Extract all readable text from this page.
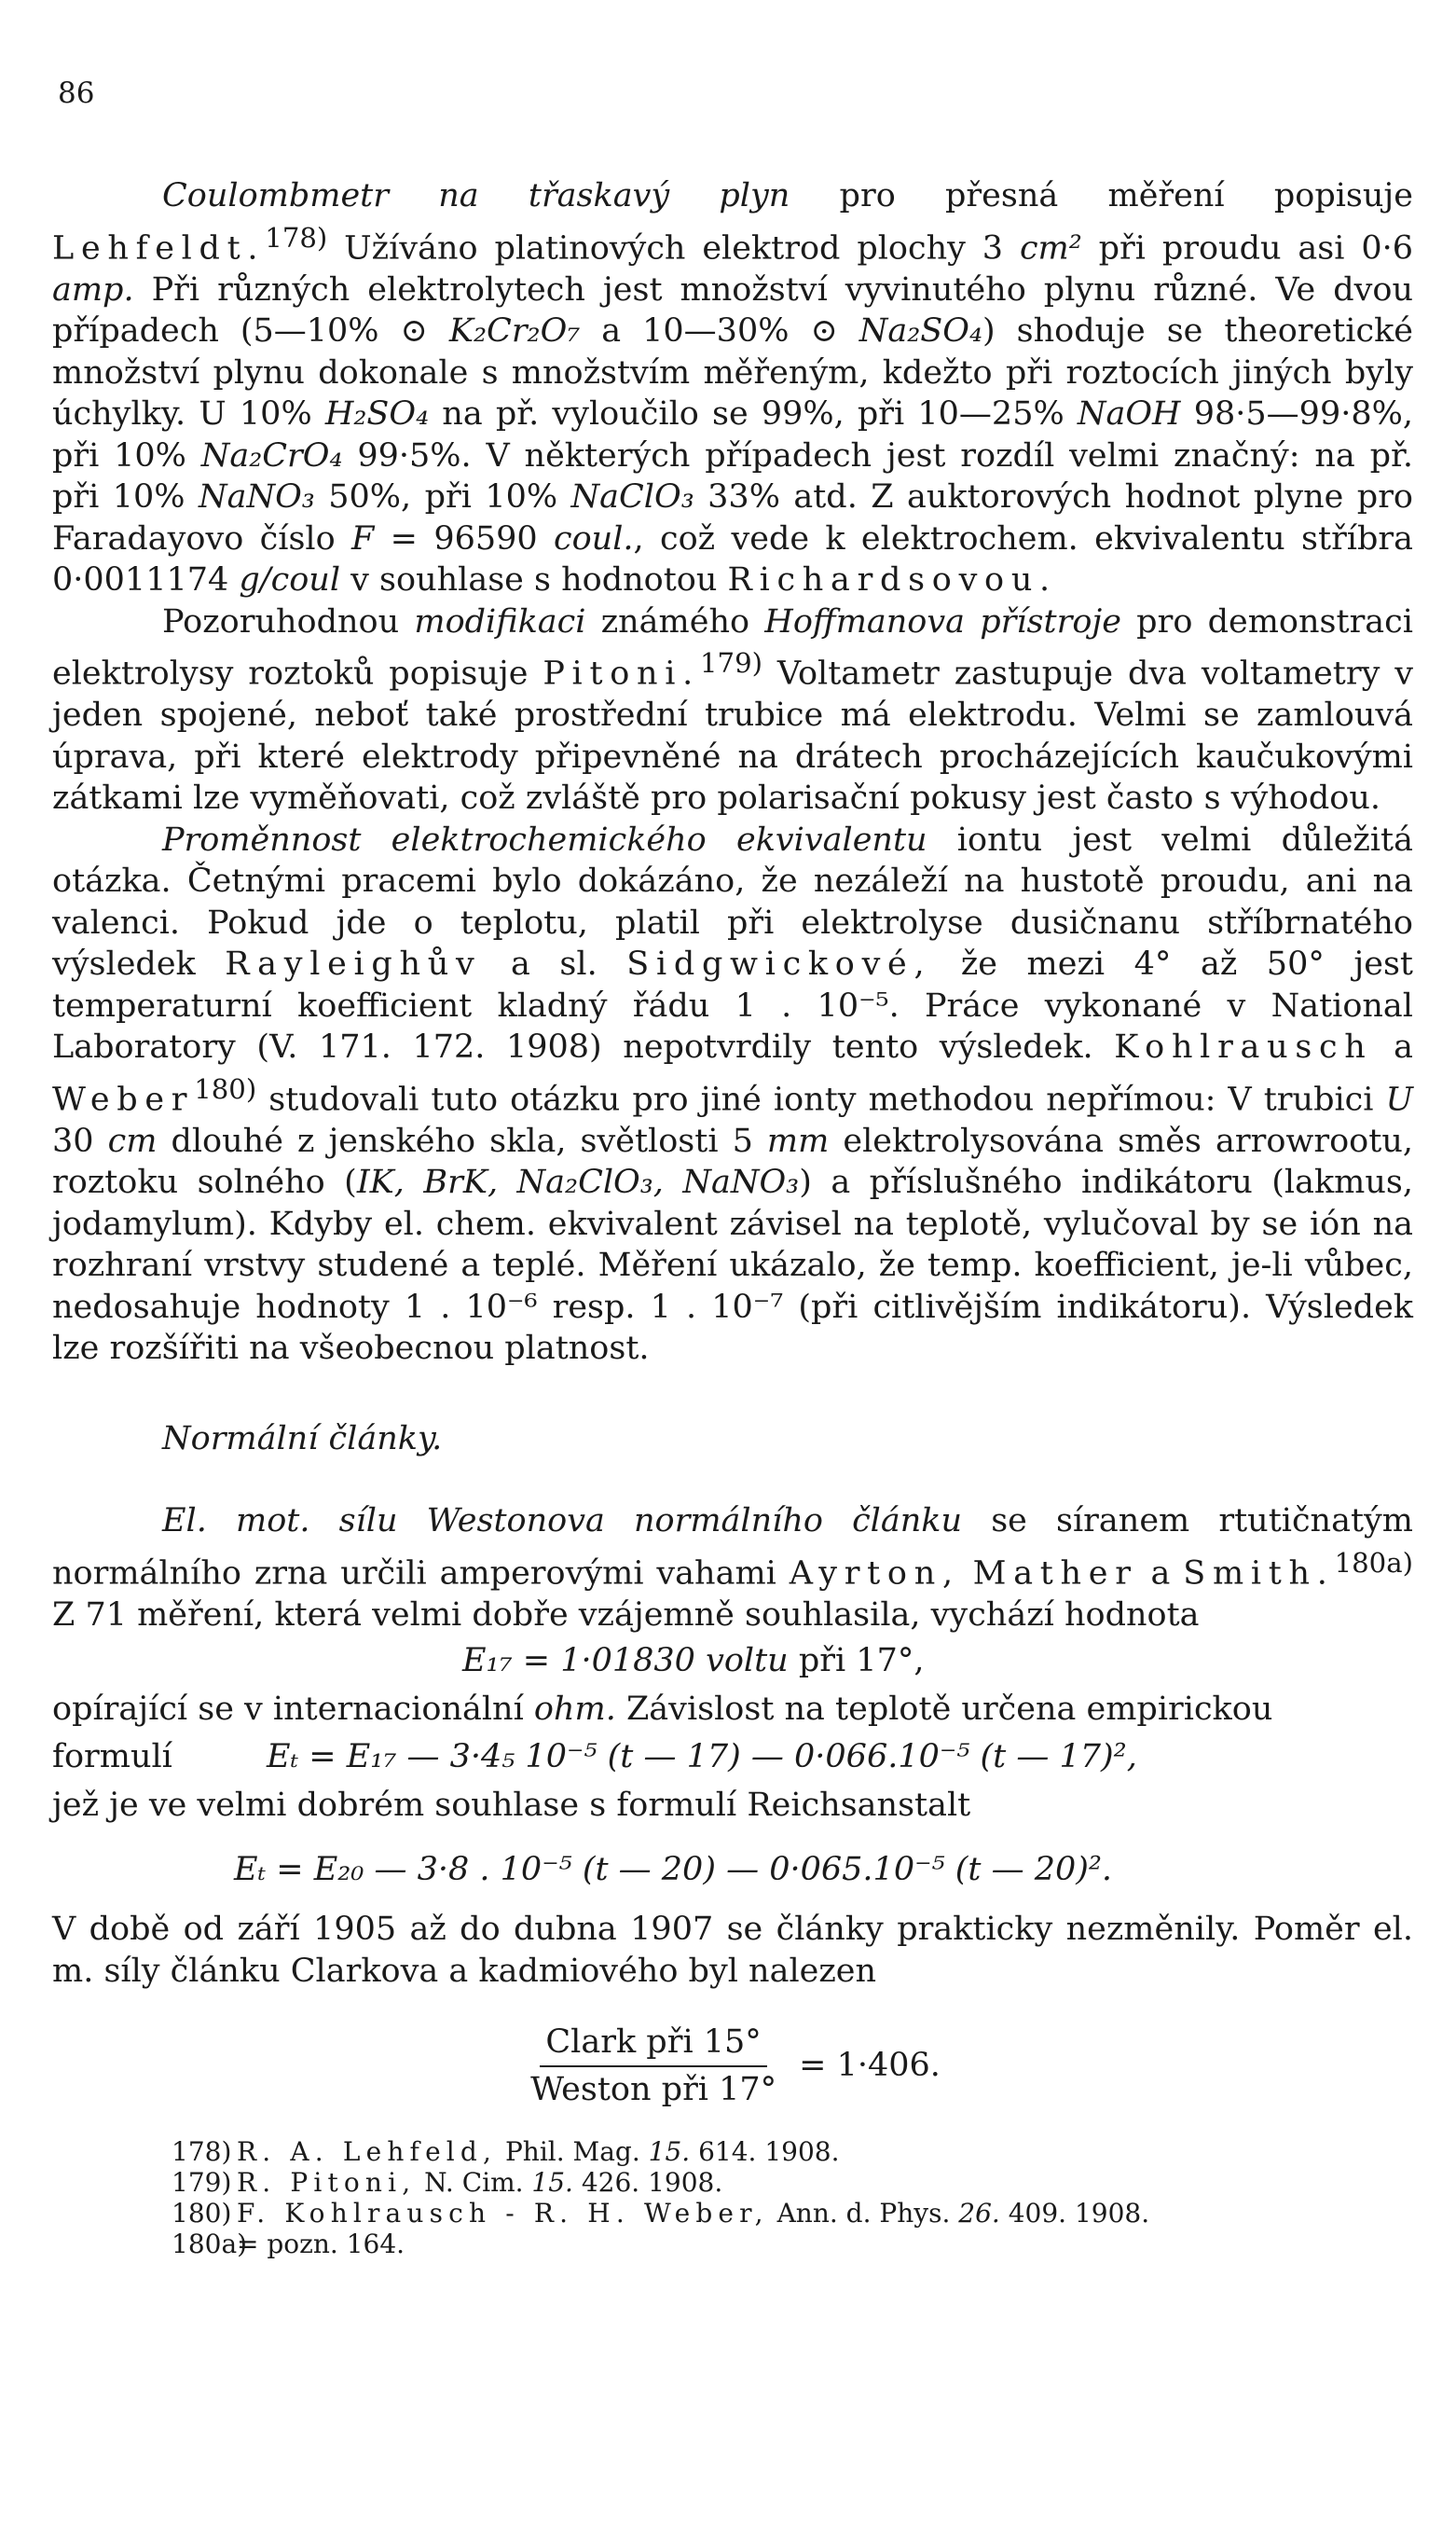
86

Coulombmetr na třaskavý plyn pro přesná měření popisuje Lehfeldt.$^{178)}$ Užíváno platinových elektrod plochy 3 cm² při proudu asi 0·6 amp. Při různých elektrolytech jest množství vyvinutého plynu různé. Ve dvou případech (5—10% ⊙ K₂Cr₂O₇ a 10—30% ⊙ Na₂SO₄) shoduje se theoretické množství plynu dokonale s množstvím měřeným, kdežto při roztocích jiných byly úchylky. U 10% H₂SO₄ na př. vyloučilo se 99%, při 10—25% NaOH 98·5—99·8%, při 10% Na₂CrO₄ 99·5%. V některých případech jest rozdíl velmi značný: na př. při 10% NaNO₃ 50%, při 10% NaClO₃ 33% atd. Z auktorových hodnot plyne pro Faradayovo číslo F = 96590 coul., což vede k elektrochem. ekvivalentu stříbra 0·0011174 g/coul v souhlase s hodnotou Richardsovou.

Pozoruhodnou modifikaci známého Hoffmanova přístroje pro demonstraci elektrolysy roztoků popisuje Pitoni.$^{179)}$ Voltametr zastupuje dva voltametry v jeden spojené, neboť také prostřední trubice má elektrodu. Velmi se zamlouvá úprava, při které elektrody připevněné na drátech procházejících kaučukovými zátkami lze vyměňovati, což zvláště pro polarisační pokusy jest často s výhodou.

Proměnnost elektrochemického ekvivalentu iontu jest velmi důležitá otázka. Četnými pracemi bylo dokázáno, že nezáleží na hustotě proudu, ani na valenci. Pokud jde o teplotu, platil při elektrolyse dusičnanu stříbrnatého výsledek Rayleighův a sl. Sidgwickové, že mezi 4° až 50° jest temperaturní koefficient kladný řádu 1 . 10⁻⁵. Práce vykonané v National Laboratory (V. 171. 172. 1908) nepotvrdily tento výsledek. Kohlrausch a Weber$^{180)}$ studovali tuto otázku pro jiné ionty methodou nepřímou: V trubici U 30 cm dlouhé z jenského skla, světlosti 5 mm elektrolysována směs arrowrootu, roztoku solného (IK, BrK, Na₂ClO₃, NaNO₃) a příslušného indikátoru (lakmus, jodamylum). Kdyby el. chem. ekvivalent závisel na teplotě, vylučoval by se ión na rozhraní vrstvy studené a teplé. Měření ukázalo, že temp. koefficient, je-li vůbec, nedosahuje hodnoty 1 . 10⁻⁶ resp. 1 . 10⁻⁷ (při citlivějším indikátoru). Výsledek lze rozšířiti na všeobecnou platnost.

Normální články.

El. mot. sílu Westonova normálního článku se síranem rtutičnatým normálního zrna určili amperovými vahami Ayrton, Mather a Smith.$^{180a)}$ Z 71 měření, která velmi dobře vzájemně souhlasila, vychází hodnota

E₁₇ = 1·01830 voltu při 17°,

opírající se v internacionální ohm. Závislost na teplotě určena empirickou

formulí	Eₜ = E₁₇ — 3·4₅ 10⁻⁵ (t — 17) — 0·066.10⁻⁵ (t — 17)²,

jež je ve velmi dobrém souhlase s formulí Reichsanstalt

Eₜ = E₂₀ — 3·8 . 10⁻⁵ (t — 20) — 0·065.10⁻⁵ (t — 20)².

V době od září 1905 až do dubna 1907 se články prakticky nezměnily. Poměr el. m. síly článku Clarkova a kadmiového byl nalezen

$\frac{\text{Clark při 15°}}{\text{Weston při 17°}} = 1\cdot 406$.
178) R. A. Lehfeld, Phil. Mag. 15. 614. 1908.
179) R. Pitoni, N. Cim. 15. 426. 1908.
180) F. Kohlrausch - R. H. Weber, Ann. d. Phys. 26. 409. 1908.
180a)
= pozn. 164.
